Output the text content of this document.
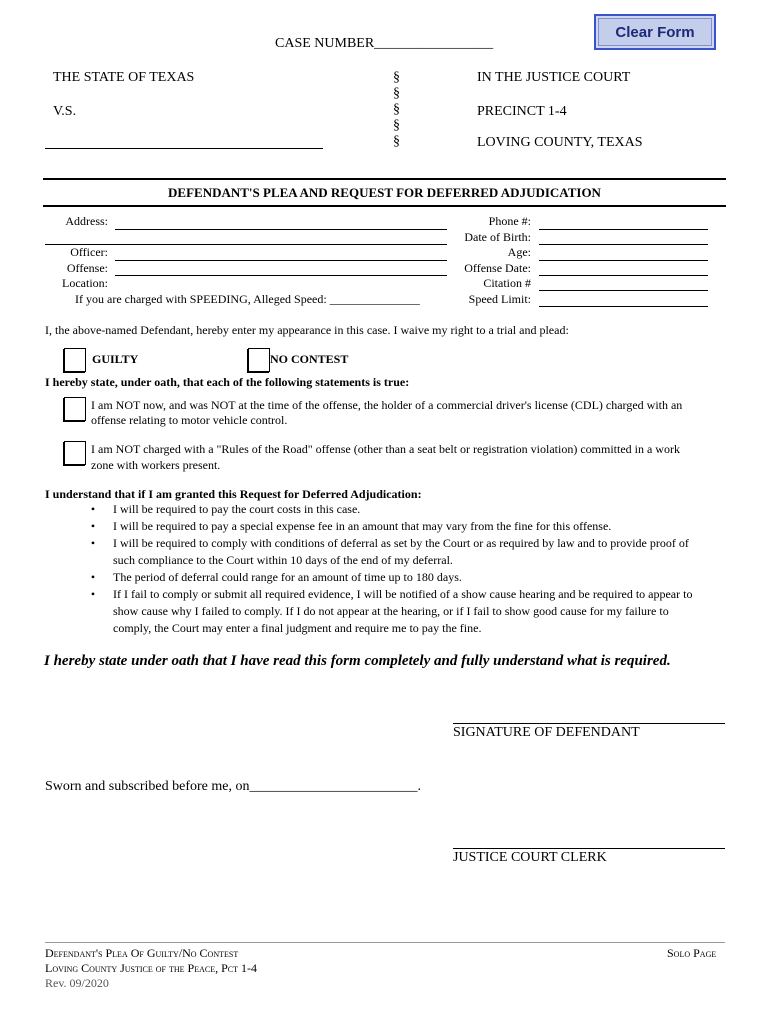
Clear Form
CASE NUMBER_________________
THE STATE OF TEXAS
V.S.
§
§
§
§
§
IN THE JUSTICE COURT
PRECINCT 1-4
LOVING COUNTY, TEXAS
DEFENDANT'S PLEA AND REQUEST FOR DEFERRED ADJUDICATION
Address:
Officer:
Offense:
Location:
If you are charged with SPEEDING, Alleged Speed: _______________
Phone #:
Date of Birth:
Age:
Offense Date:
Citation #
Speed Limit:
I, the above-named Defendant, hereby enter my appearance in this case. I waive my right to a trial and plead:
GUILTY	NO CONTEST
I hereby state, under oath, that each of the following statements is true:
I am NOT now, and was NOT at the time of the offense, the holder of a commercial driver's license (CDL) charged with an
offense relating to motor vehicle control.
I am NOT charged with a "Rules of the Road" offense (other than a seat belt or registration violation) committed in a work
zone with workers present.
I understand that if I am granted this Request for Deferred Adjudication:
• I will be required to pay the court costs in this case.
• I will be required to pay a special expense fee in an amount that may vary from the fine for this offense.
• I will be required to comply with conditions of deferral as set by the Court or as required by law and to provide proof of
such compliance to the Court within 10 days of the end of my deferral.
• The period of deferral could range for an amount of time up to 180 days.
• If I fail to comply or submit all required evidence, I will be notified of a show cause hearing and be required to appear to
show cause why I failed to comply. If I do not appear at the hearing, or if I fail to show good cause for my failure to
comply, the Court may enter a final judgment and require me to pay the fine.
I hereby state under oath that I have read this form completely and fully understand what is required.
SIGNATURE OF DEFENDANT
Sworn and subscribed before me, on________________________.
JUSTICE COURT CLERK
Defendant's Plea Of Guilty/No Contest
Loving County Justice of the Peace, Pct 1-4
Rev. 09/2020
Solo Page
